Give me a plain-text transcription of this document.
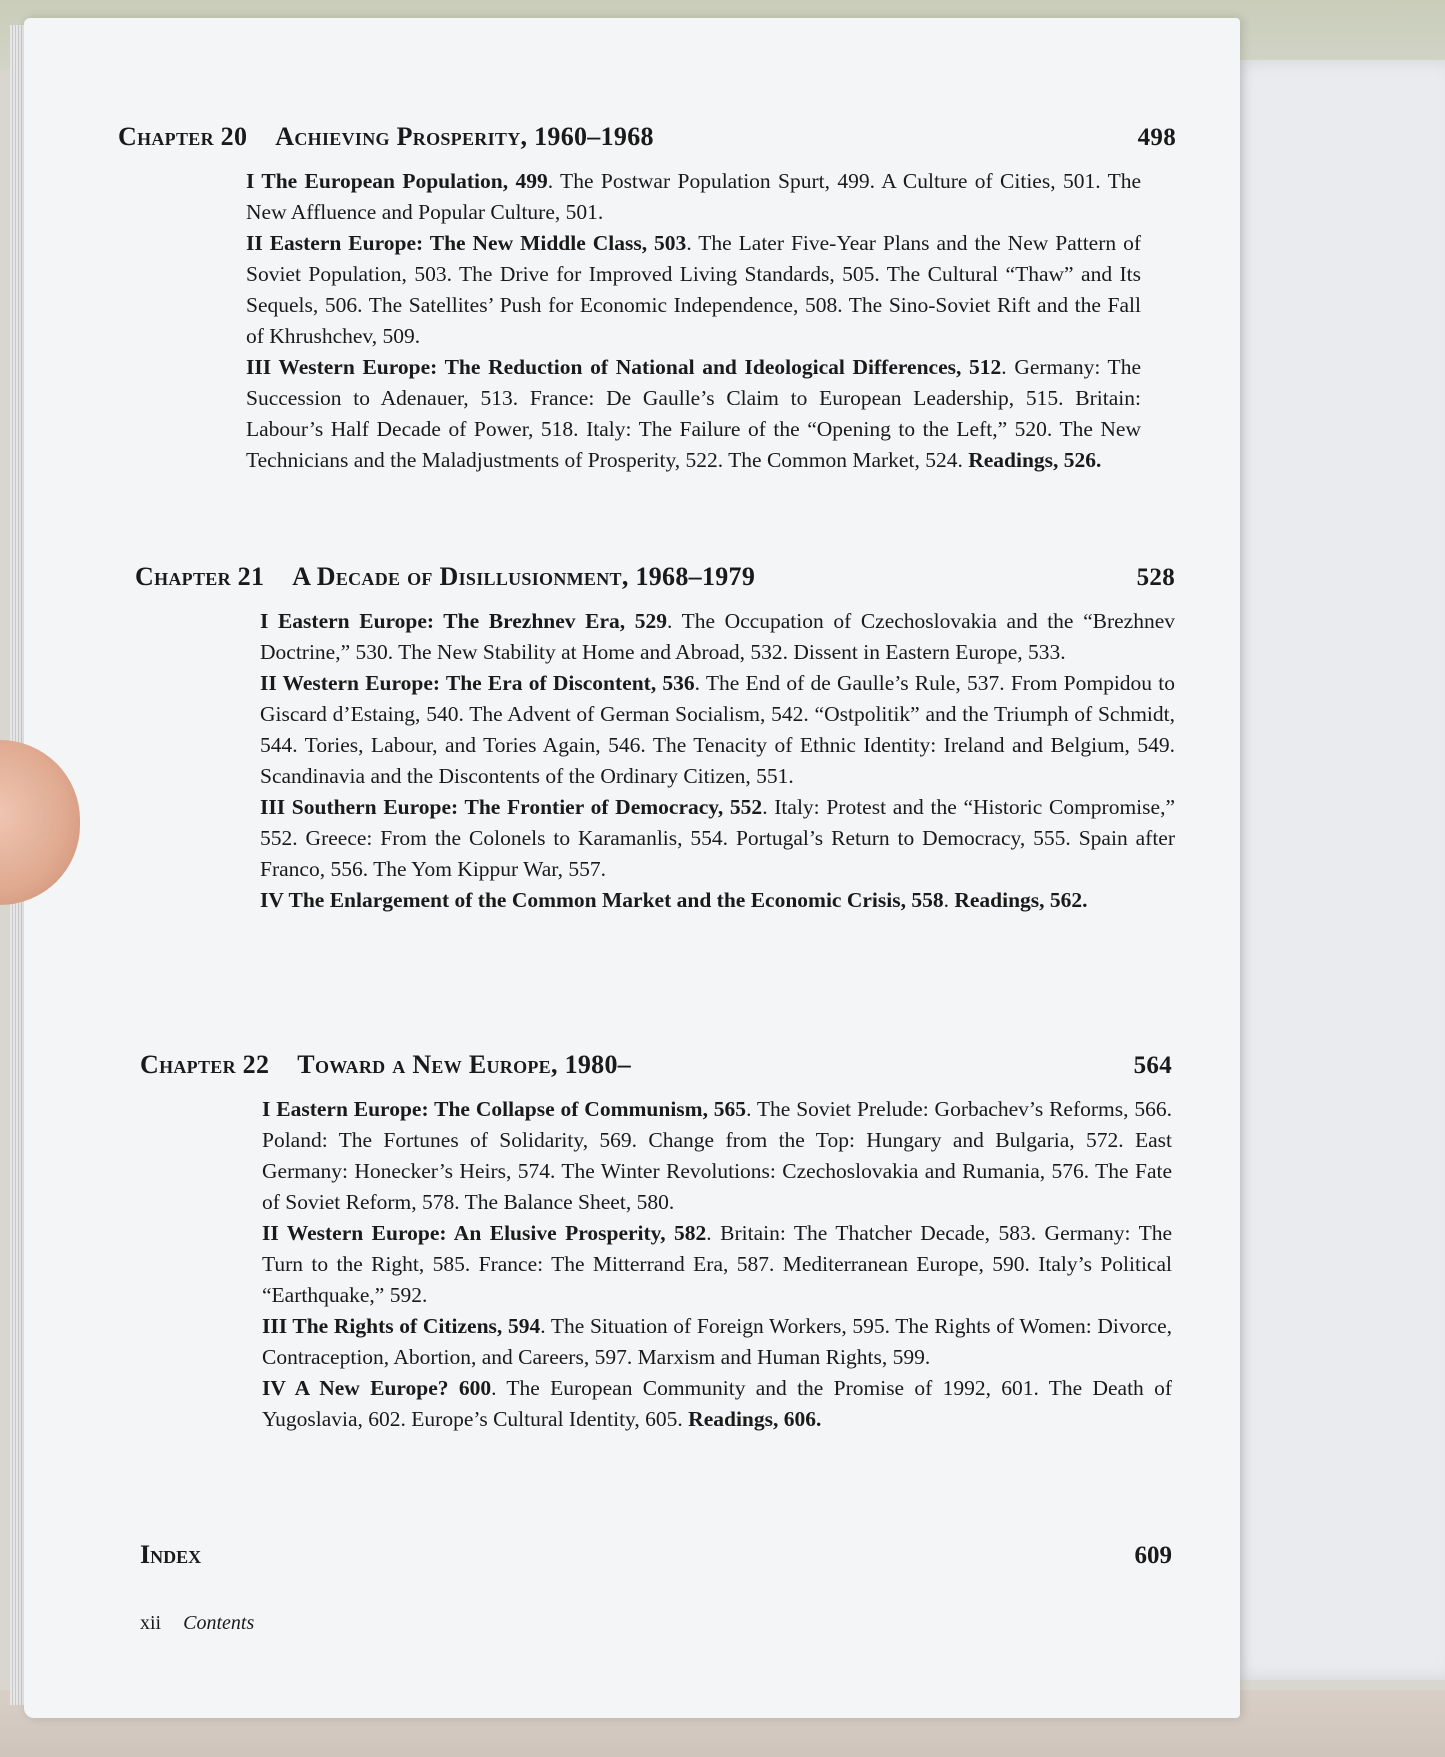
Chapter 20 Achieving Prosperity, 1960–1968	498

I The European Population, 499. The Postwar Population Spurt, 499. A Culture of Cities, 501. The New Affluence and Popular Culture, 501.

II Eastern Europe: The New Middle Class, 503. The Later Five-Year Plans and the New Pattern of Soviet Population, 503. The Drive for Improved Living Standards, 505. The Cultural “Thaw” and Its Sequels, 506. The Satellites’ Push for Economic Independence, 508. The Sino-Soviet Rift and the Fall of Khrushchev, 509.

III Western Europe: The Reduction of National and Ideological Differences, 512. Germany: The Succession to Adenauer, 513. France: De Gaulle’s Claim to European Leadership, 515. Britain: Labour’s Half Decade of Power, 518. Italy: The Failure of the “Opening to the Left,” 520. The New Technicians and the Maladjustments of Prosperity, 522. The Common Market, 524. Readings, 526.

Chapter 21 A Decade of Disillusionment, 1968–1979	528

I Eastern Europe: The Brezhnev Era, 529. The Occupation of Czechoslovakia and the “Brezhnev Doctrine,” 530. The New Stability at Home and Abroad, 532. Dissent in Eastern Europe, 533.

II Western Europe: The Era of Discontent, 536. The End of de Gaulle’s Rule, 537. From Pompidou to Giscard d’Estaing, 540. The Advent of German Socialism, 542. “Ostpolitik” and the Triumph of Schmidt, 544. Tories, Labour, and Tories Again, 546. The Tenacity of Ethnic Identity: Ireland and Belgium, 549. Scandinavia and the Discontents of the Ordinary Citizen, 551.

III Southern Europe: The Frontier of Democracy, 552. Italy: Protest and the “Historic Compromise,” 552. Greece: From the Colonels to Karamanlis, 554. Portugal’s Return to Democracy, 555. Spain after Franco, 556. The Yom Kippur War, 557.

IV The Enlargement of the Common Market and the Economic Crisis, 558. Readings, 562.

Chapter 22 Toward a New Europe, 1980–	564

I Eastern Europe: The Collapse of Communism, 565. The Soviet Prelude: Gorbachev’s Reforms, 566. Poland: The Fortunes of Solidarity, 569. Change from the Top: Hungary and Bulgaria, 572. East Germany: Honecker’s Heirs, 574. The Winter Revolutions: Czechoslovakia and Rumania, 576. The Fate of Soviet Reform, 578. The Balance Sheet, 580.

II Western Europe: An Elusive Prosperity, 582. Britain: The Thatcher Decade, 583. Germany: The Turn to the Right, 585. France: The Mitterrand Era, 587. Mediterranean Europe, 590. Italy’s Political “Earthquake,” 592.

III The Rights of Citizens, 594. The Situation of Foreign Workers, 595. The Rights of Women: Divorce, Contraception, Abortion, and Careers, 597. Marxism and Human Rights, 599.

IV A New Europe? 600. The European Community and the Promise of 1992, 601. The Death of Yugoslavia, 602. Europe’s Cultural Identity, 605. Readings, 606.

Index	609
xii Contents
